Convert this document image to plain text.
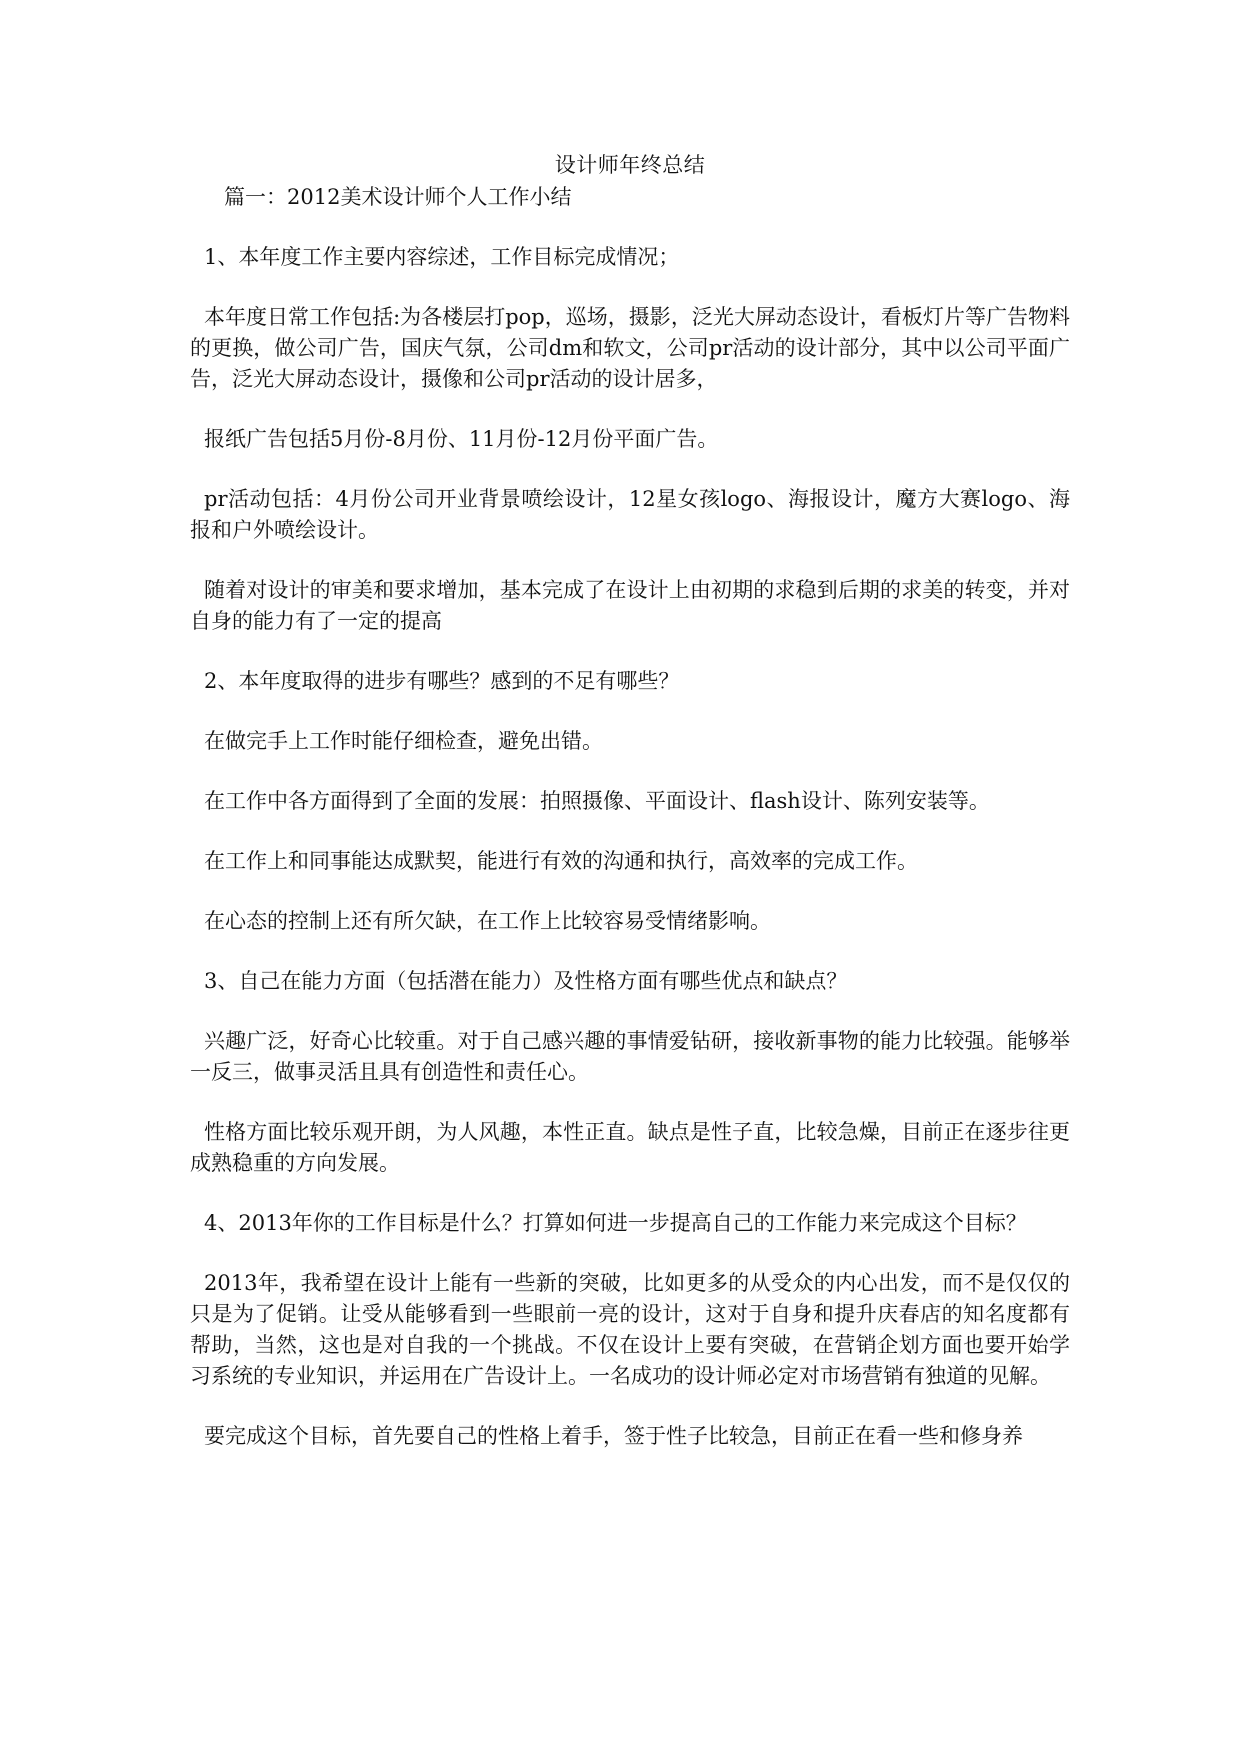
设计师年终总结
篇一：2012美术设计师个人工作小结

1、本年度工作主要内容综述，工作目标完成情况；

本年度日常工作包括:为各楼层打pop，巡场，摄影，泛光大屏动态设计，看板灯片等广告物料的更换，做公司广告，国庆气氛，公司dm和软文，公司pr活动的设计部分，其中以公司平面广告，泛光大屏动态设计，摄像和公司pr活动的设计居多，

报纸广告包括5月份-8月份、11月份-12月份平面广告。

pr活动包括：4月份公司开业背景喷绘设计，12星女孩logo、海报设计，魔方大赛logo、海报和户外喷绘设计。

随着对设计的审美和要求增加，基本完成了在设计上由初期的求稳到后期的求美的转变，并对自身的能力有了一定的提高

2、本年度取得的进步有哪些？感到的不足有哪些？

在做完手上工作时能仔细检查，避免出错。

在工作中各方面得到了全面的发展：拍照摄像、平面设计、flash设计、陈列安装等。

在工作上和同事能达成默契，能进行有效的沟通和执行，高效率的完成工作。

在心态的控制上还有所欠缺，在工作上比较容易受情绪影响。

3、自己在能力方面（包括潜在能力）及性格方面有哪些优点和缺点？

兴趣广泛，好奇心比较重。对于自己感兴趣的事情爱钻研，接收新事物的能力比较强。能够举一反三，做事灵活且具有创造性和责任心。

性格方面比较乐观开朗，为人风趣，本性正直。缺点是性子直，比较急燥，目前正在逐步往更成熟稳重的方向发展。

4、2013年你的工作目标是什么？打算如何进一步提高自己的工作能力来完成这个目标？

2013年，我希望在设计上能有一些新的突破，比如更多的从受众的内心出发，而不是仅仅的只是为了促销。让受从能够看到一些眼前一亮的设计，这对于自身和提升庆春店的知名度都有帮助，当然，这也是对自我的一个挑战。不仅在设计上要有突破，在营销企划方面也要开始学习系统的专业知识，并运用在广告设计上。一名成功的设计师必定对市场营销有独道的见解。

要完成这个目标，首先要自己的性格上着手，签于性子比较急，目前正在看一些和修身养
